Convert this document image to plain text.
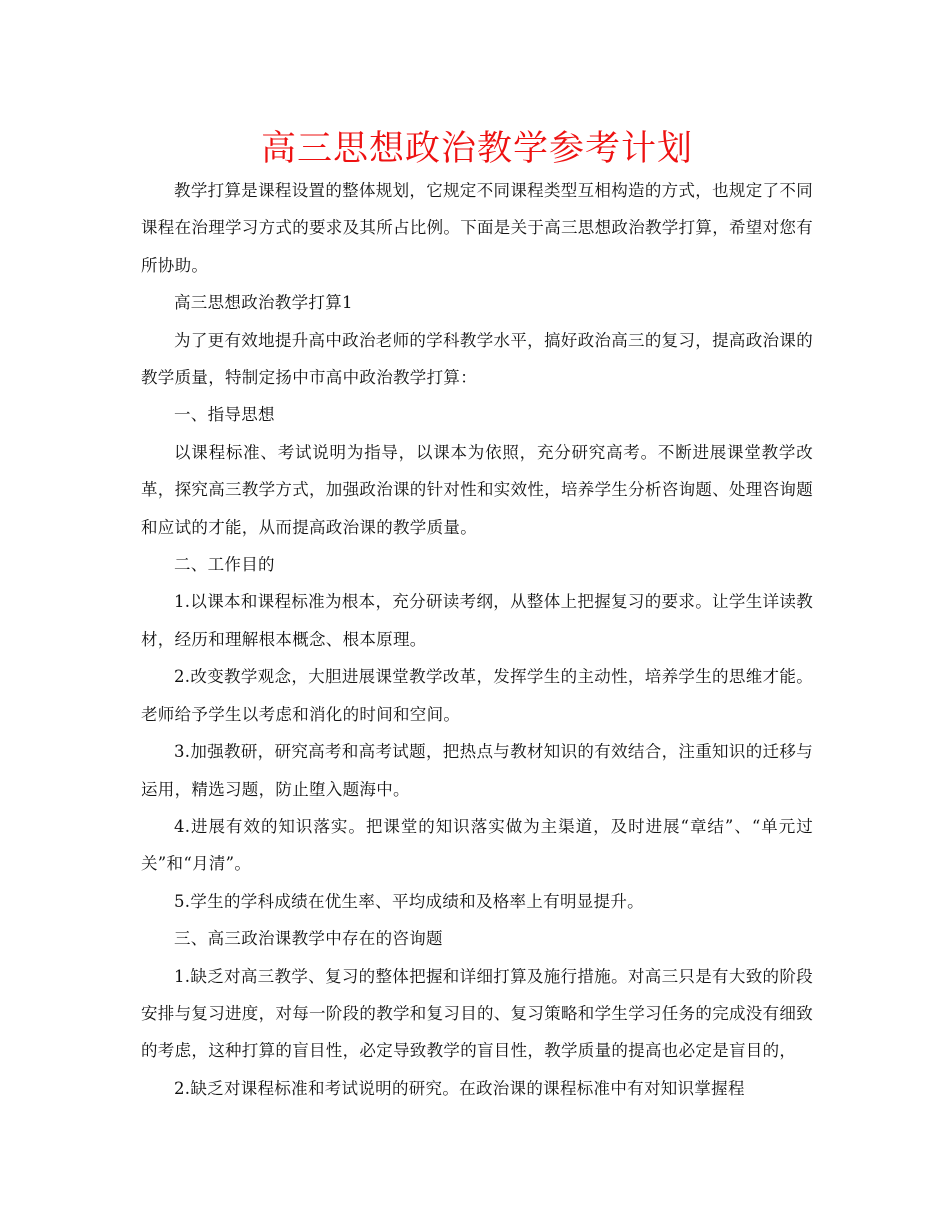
高三思想政治教学参考计划

教学打算是课程设置的整体规划，它规定不同课程类型互相构造的方式，也规定了不同课程在治理学习方式的要求及其所占比例。下面是关于高三思想政治教学打算，希望对您有所协助。

高三思想政治教学打算1

为了更有效地提升高中政治老师的学科教学水平，搞好政治高三的复习，提高政治课的教学质量，特制定扬中市高中政治教学打算：

一、指导思想

以课程标准、考试说明为指导，以课本为依照，充分研究高考。不断进展课堂教学改革，探究高三教学方式，加强政治课的针对性和实效性，培养学生分析咨询题、处理咨询题和应试的才能，从而提高政治课的教学质量。

二、工作目的

1.以课本和课程标准为根本，充分研读考纲，从整体上把握复习的要求。让学生详读教材，经历和理解根本概念、根本原理。

2.改变教学观念，大胆进展课堂教学改革，发挥学生的主动性，培养学生的思维才能。老师给予学生以考虑和消化的时间和空间。

3.加强教研，研究高考和高考试题，把热点与教材知识的有效结合，注重知识的迁移与运用，精选习题，防止堕入题海中。

4.进展有效的知识落实。把课堂的知识落实做为主渠道，及时进展“章结”、“单元过关”和“月清”。

5.学生的学科成绩在优生率、平均成绩和及格率上有明显提升。

三、高三政治课教学中存在的咨询题

1.缺乏对高三教学、复习的整体把握和详细打算及施行措施。对高三只是有大致的阶段安排与复习进度，对每一阶段的教学和复习目的、复习策略和学生学习任务的完成没有细致的考虑，这种打算的盲目性，必定导致教学的盲目性，教学质量的提高也必定是盲目的，

2.缺乏对课程标准和考试说明的研究。在政治课的课程标准中有对知识掌握程
